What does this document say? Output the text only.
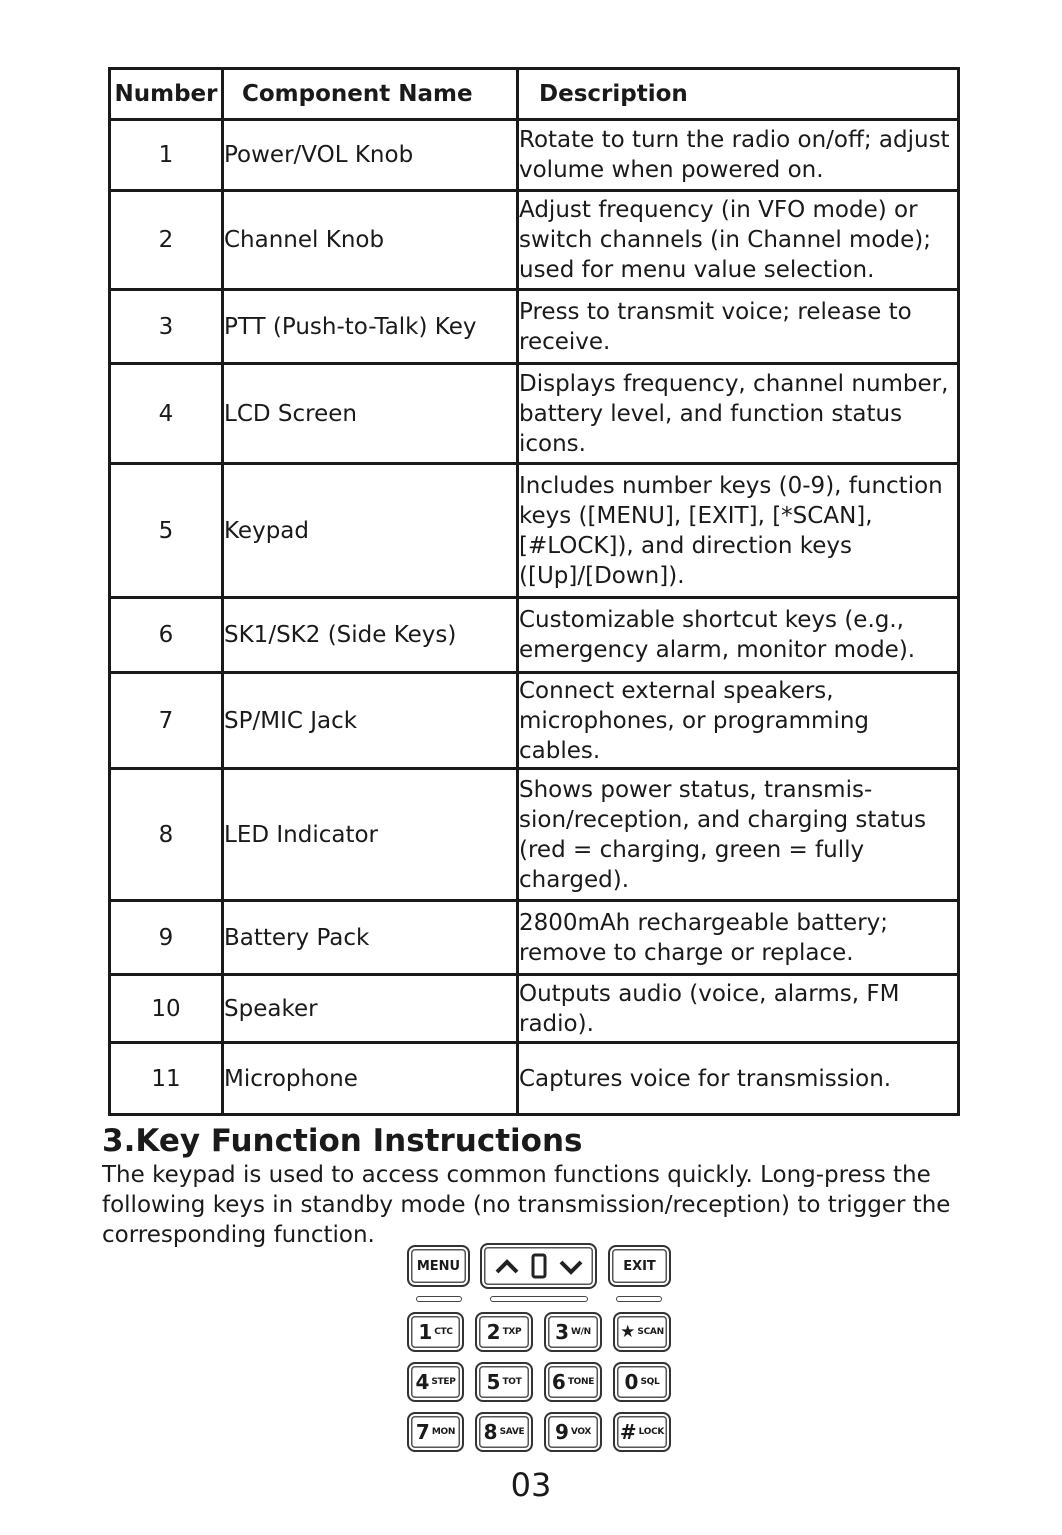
Number	Component Name	Description
1	Power/VOL Knob	Rotate to turn the radio on/off; adjust volume when powered on.
2	Channel Knob	Adjust frequency (in VFO mode) or switch channels (in Channel mode); used for menu value selection.
3	PTT (Push-to-Talk) Key	Press to transmit voice; release to receive.
4	LCD Screen	Displays frequency, channel number, battery level, and function status icons.
5	Keypad	Includes number keys (0-9), function keys ([MENU], [EXIT], [*SCAN], [#LOCK]), and direction keys ([Up]/[Down]).
6	SK1/SK2 (Side Keys)	Customizable shortcut keys (e.g., emergency alarm, monitor mode).
7	SP/MIC Jack	Connect external speakers, microphones, or programming cables.
8	LED Indicator	Shows power status, transmis-sion/reception, and charging status (red = charging, green = fully charged).
9	Battery Pack	2800mAh rechargeable battery; remove to charge or replace.
10	Speaker	Outputs audio (voice, alarms, FM radio).
11	Microphone	Captures voice for transmission.
3.Key Function Instructions

The keypad is used to access common functions quickly. Long-press the following keys in standby mode (no transmission/reception) to trigger the corresponding function.

MENU	EXIT
1 CTC 2 TXP 3 W/N ★ SCAN
4 STEP 5 TOT 6 TONE 0 SQL
7 MON 8 SAVE 9 VOX # LOCK
03
